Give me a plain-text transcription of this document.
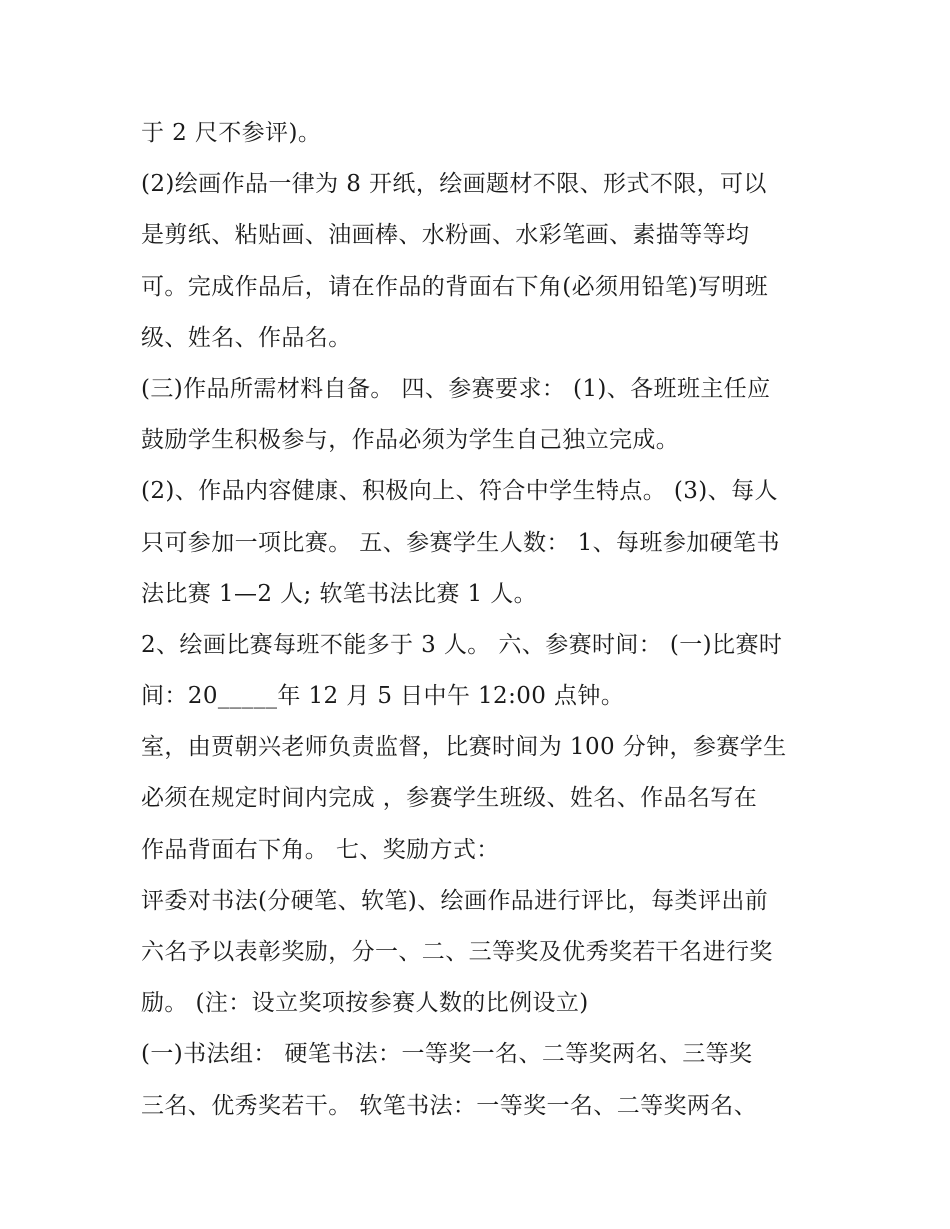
于 2 尺不参评)。
(2)绘画作品一律为 8 开纸，绘画题材不限、形式不限，可以
是剪纸、粘贴画、油画棒、水粉画、水彩笔画、素描等等均
可。完成作品后，请在作品的背面右下角(必须用铅笔)写明班
级、姓名、作品名。
(三)作品所需材料自备。 四、参赛要求： (1)、各班班主任应
鼓励学生积极参与，作品必须为学生自己独立完成。
(2)、作品内容健康、积极向上、符合中学生特点。 (3)、每人
只可参加一项比赛。 五、参赛学生人数： 1、每班参加硬笔书
法比赛 1—2 人; 软笔书法比赛 1 人。
2、绘画比赛每班不能多于 3 人。 六、参赛时间： (一)比赛时
间：20_____年 12 月 5 日中午 12:00 点钟。
室，由贾朝兴老师负责监督，比赛时间为 100 分钟，参赛学生
必须在规定时间内完成 ，参赛学生班级、姓名、作品名写在
作品背面右下角。 七、奖励方式：
评委对书法(分硬笔、软笔)、绘画作品进行评比，每类评出前
六名予以表彰奖励，分一、二、三等奖及优秀奖若干名进行奖
励。 (注：设立奖项按参赛人数的比例设立)
(一)书法组： 硬笔书法：一等奖一名、二等奖两名、三等奖
三名、优秀奖若干。 软笔书法：一等奖一名、二等奖两名、
